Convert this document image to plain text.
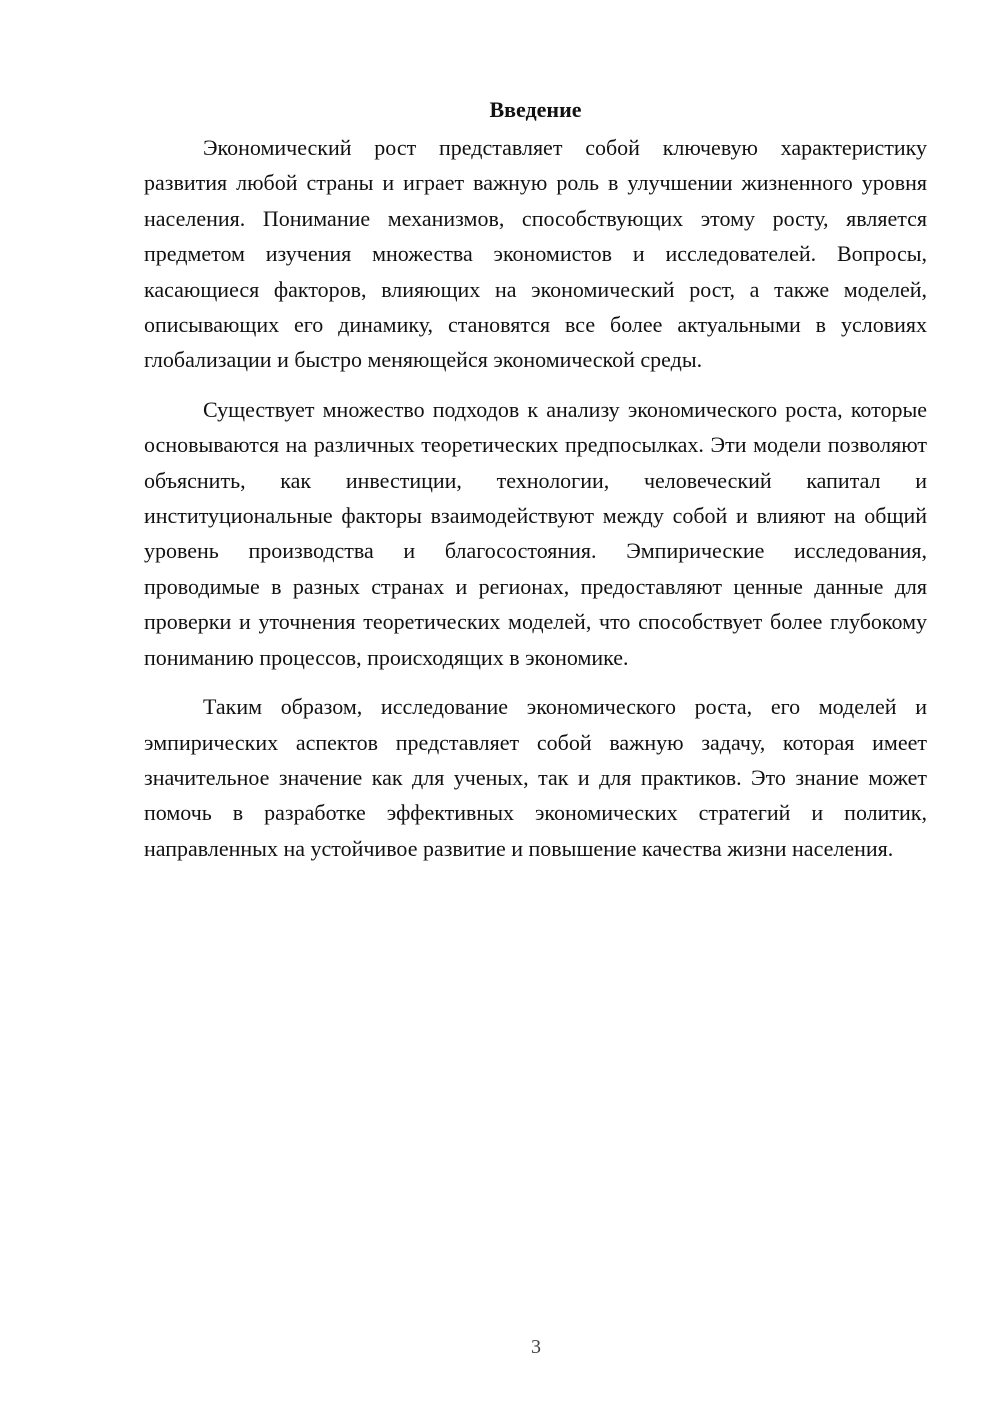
Введение

Экономический рост представляет собой ключевую характеристику развития любой страны и играет важную роль в улучшении жизненного уровня населения. Понимание механизмов, способствующих этому росту, является предметом изучения множества экономистов и исследователей. Вопросы, касающиеся факторов, влияющих на экономический рост, а также моделей, описывающих его динамику, становятся все более актуальными в условиях глобализации и быстро меняющейся экономической среды.

Существует множество подходов к анализу экономического роста, которые основываются на различных теоретических предпосылках. Эти модели позволяют объяснить, как инвестиции, технологии, человеческий капитал и институциональные факторы взаимодействуют между собой и влияют на общий уровень производства и благосостояния. Эмпирические исследования, проводимые в разных странах и регионах, предоставляют ценные данные для проверки и уточнения теоретических моделей, что способствует более глубокому пониманию процессов, происходящих в экономике.

Таким образом, исследование экономического роста, его моделей и эмпирических аспектов представляет собой важную задачу, которая имеет значительное значение как для ученых, так и для практиков. Это знание может помочь в разработке эффективных экономических стратегий и политик, направленных на устойчивое развитие и повышение качества жизни населения.

3
